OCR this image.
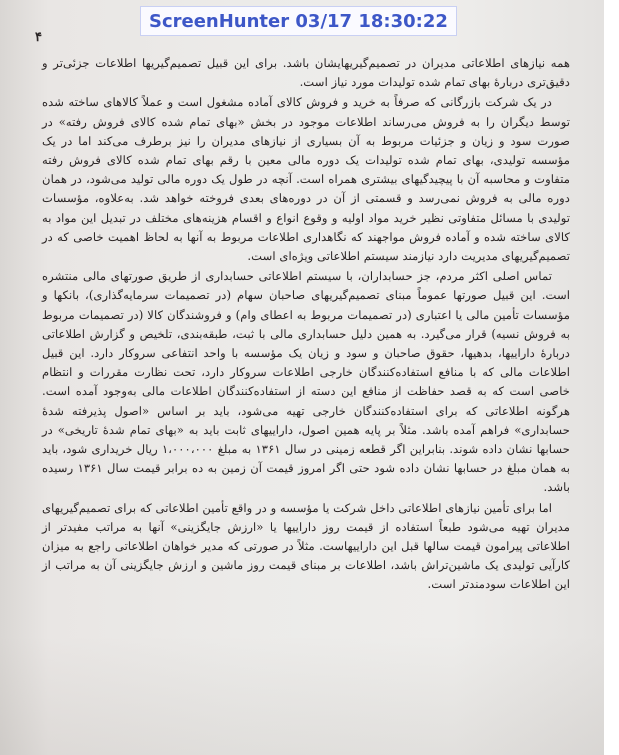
۴

همه نیازهای اطلاعاتی مدیران در تصمیم‌گیریهایشان باشد. برای این قبیل تصمیم‌گیریها اطلاعات جزئی‌تر و دقیق‌تری دربارهٔ بهای تمام شده تولیدات مورد نیاز است.

در یک شرکت بازرگانی که صرفاً به خرید و فروش کالای آماده مشغول است و عملاً کالاهای ساخته شده توسط دیگران را به فروش می‌رساند اطلاعات موجود در بخش «بهای تمام شده کالای فروش رفته» در صورت سود و زیان و جزئیات مربوط به آن بسیاری از نیازهای مدیران را نیز برطرف می‌کند اما در یک مؤسسه تولیدی، بهای تمام شده تولیدات یک دوره مالی معین با رقم بهای تمام شده کالای فروش رفته متفاوت و محاسبه آن با پیچیدگیهای بیشتری همراه است. آنچه در طول یک دوره مالی تولید می‌شود، در همان دوره مالی به فروش نمی‌رسد و قسمتی از آن در دوره‌های بعدی فروخته خواهد شد. به‌علاوه، مؤسسات تولیدی با مسائل متفاوتی نظیر خرید مواد اولیه و وقوع انواع و اقسام هزینه‌های مختلف در تبدیل این مواد به کالای ساخته شده و آماده فروش مواجهند که نگاهداری اطلاعات مربوط به آنها به لحاظ اهمیت خاصی که در تصمیم‌گیریهای مدیریت دارد نیازمند سیستم اطلاعاتی ویژه‌ای است.

تماس اصلی اکثر مردم، جز حسابداران، با سیستم اطلاعاتی حسابداری از طریق صورتهای مالی منتشره است. این قبیل صورتها عموماً مبنای تصمیم‌گیریهای صاحبان سهام (در تصمیمات سرمایه‌گذاری)، بانکها و مؤسسات تأمین مالی یا اعتباری (در تصمیمات مربوط به اعطای وام) و فروشندگان کالا (در تصمیمات مربوط به فروش نسیه) قرار می‌گیرد. به همین دلیل حسابداری مالی با ثبت، طبقه‌بندی، تلخیص و گزارش اطلاعاتی دربارهٔ داراییها، بدهیها، حقوق صاحبان و سود و زیان یک مؤسسه با واحد انتفاعی سروکار دارد. این قبیل اطلاعات مالی که با منافع استفاده‌کنندگان خارجی اطلاعات سروکار دارد، تحت نظارت مقررات و انتظام خاصی است که به قصد حفاظت از منافع این دسته از استفاده‌کنندگان اطلاعات مالی به‌وجود آمده است. هرگونه اطلاعاتی که برای استفاده‌کنندگان خارجی تهیه می‌شود، باید بر اساس «اصول پذیرفته شدهٔ حسابداری» فراهم آمده باشد. مثلاً بر پایه همین اصول، داراییهای ثابت باید به «بهای تمام شدهٔ تاریخی» در حسابها نشان داده شوند. بنابراین اگر قطعه زمینی در سال ۱۳۶۱ به مبلغ ۱،۰۰۰،۰۰۰ ریال خریداری شود، باید به همان مبلغ در حسابها نشان داده شود حتی اگر امروز قیمت آن زمین به ده برابر قیمت سال ۱۳۶۱ رسیده باشد.

اما برای تأمین نیازهای اطلاعاتی داخل شرکت یا مؤسسه و در واقع تأمین اطلاعاتی که برای تصمیم‌گیریهای مدیران تهیه می‌شود طبعاً استفاده از قیمت روز داراییها یا «ارزش جایگزینی» آنها به مراتب مفیدتر از اطلاعاتی پیرامون قیمت سالها قبل این داراییهاست. مثلاً در صورتی که مدیر خواهان اطلاعاتی راجع به میزان کارآیی تولیدی یک ماشین‌تراش باشد، اطلاعات بر مبنای قیمت روز ماشین و ارزش جایگزینی آن به مراتب از این اطلاعات سودمندتر است.

ScreenHunter 03/17 18:30:22
